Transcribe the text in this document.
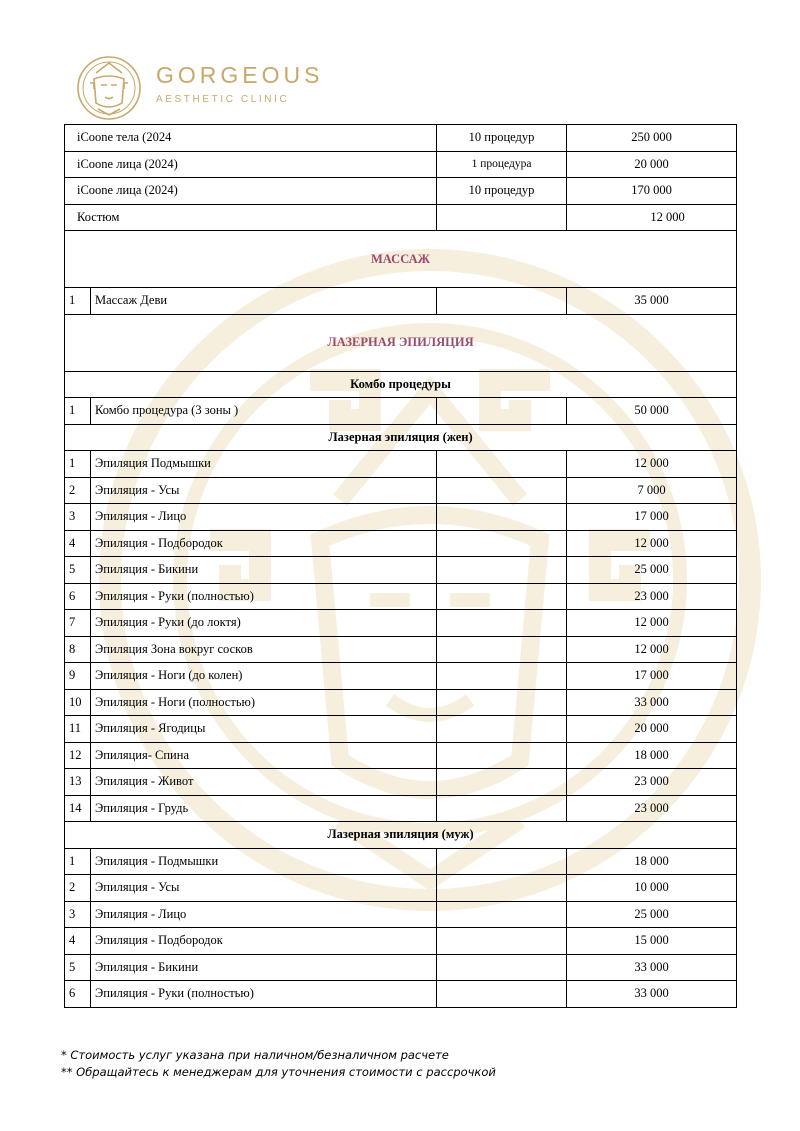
GORGEOUS
AESTHETIC CLINIC
iCoone тела (2024		10 процедур	250 000
iCoone лица (2024)		1 процедура	20 000
iCoone лица (2024)		10 процедур	170 000
Костюм			12 000
МАССАЖ			
1	Массаж Деви		35 000
ЛАЗЕРНАЯ ЭПИЛЯЦИЯ			
Комбо процедуры			
1	Комбо процедура (3 зоны )		50 000
Лазерная эпиляция (жен)			
1	Эпиляция Подмышки		12 000
2	Эпиляция - Усы		7 000
3	Эпиляция - Лицо		17 000
4	Эпиляция - Подбородок		12 000
5	Эпиляция - Бикини		25 000
6	Эпиляция - Руки (полностью)		23 000
7	Эпиляция - Руки (до локтя)		12 000
8	Эпиляция Зона вокруг сосков		12 000
9	Эпиляция - Ноги (до колен)		17 000
10	Эпиляция - Ноги (полностью)		33 000
11	Эпиляция - Ягодицы		20 000
12	Эпиляция- Спина		18 000
13	Эпиляция - Живот		23 000
14	Эпиляция - Грудь		23 000
Лазерная эпиляция (муж)			
1	Эпиляция - Подмышки		18 000
2	Эпиляция - Усы		10 000
3	Эпиляция - Лицо		25 000
4	Эпиляция - Подбородок		15 000
5	Эпиляция - Бикини		33 000
6	Эпиляция - Руки (полностью)		33 000
* Стоимость услуг указана при наличном/безналичном расчете
** Обращайтесь к менеджерам для уточнения стоимости с рассрочкой
